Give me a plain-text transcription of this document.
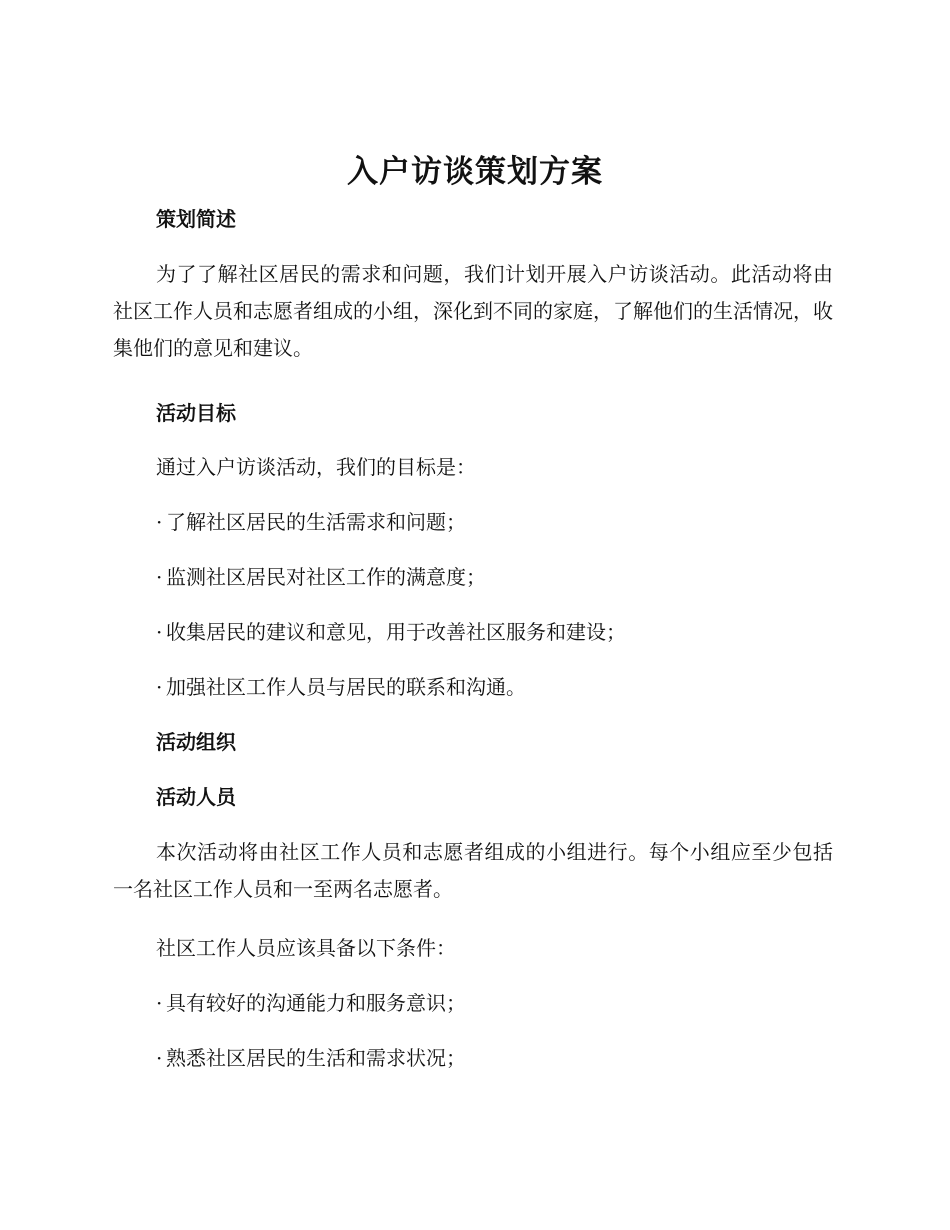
入户访谈策划方案
策划简述

为了了解社区居民的需求和问题，我们计划开展入户访谈活动。此活动将由社区工作人员和志愿者组成的小组，深化到不同的家庭，了解他们的生活情况，收集他们的意见和建议。

活动目标

通过入户访谈活动，我们的目标是：

· 了解社区居民的生活需求和问题；

· 监测社区居民对社区工作的满意度；

· 收集居民的建议和意见，用于改善社区服务和建设；

· 加强社区工作人员与居民的联系和沟通。

活动组织
活动人员

本次活动将由社区工作人员和志愿者组成的小组进行。每个小组应至少包括一名社区工作人员和一至两名志愿者。

社区工作人员应该具备以下条件：

· 具有较好的沟通能力和服务意识；

· 熟悉社区居民的生活和需求状况；
